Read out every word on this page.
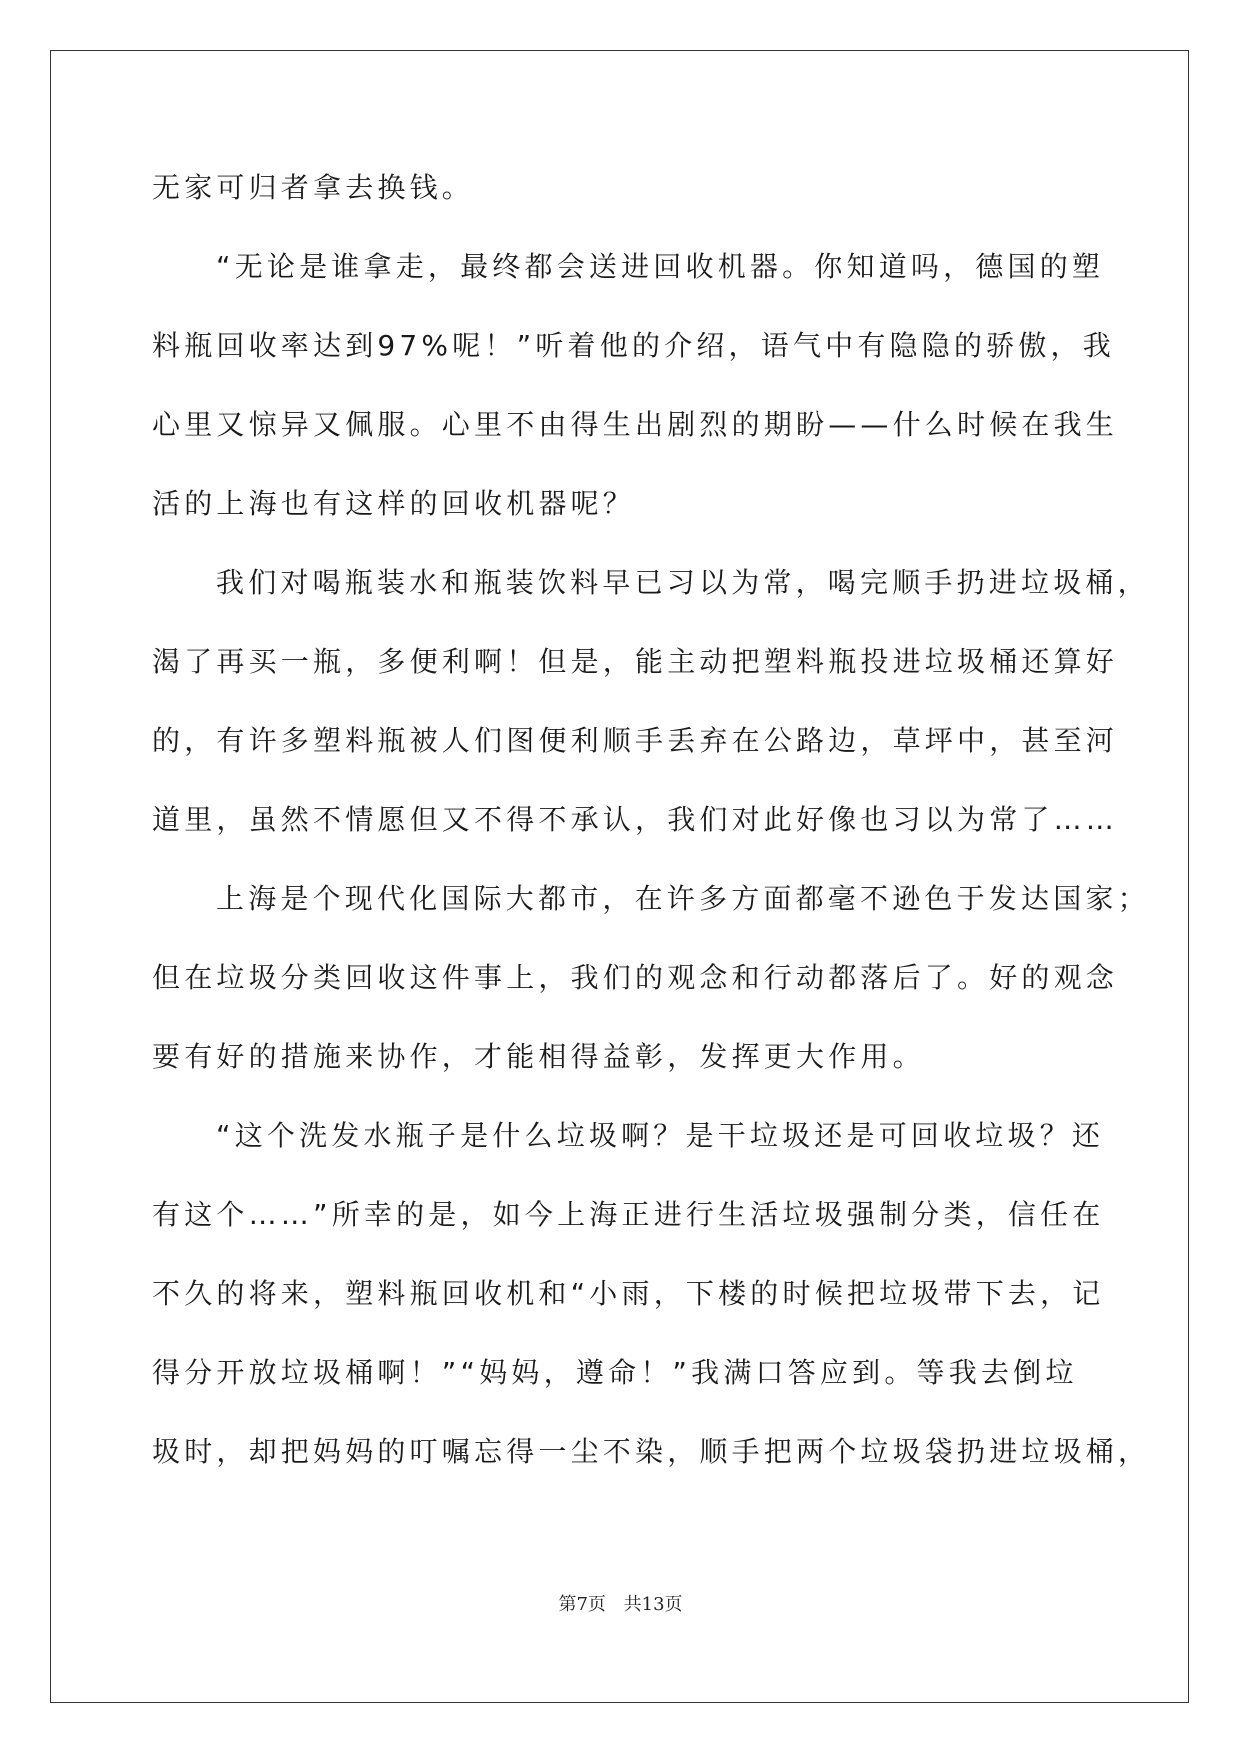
无家可归者拿去换钱。
“无论是谁拿走，最终都会送进回收机器。你知道吗，德国的塑
料瓶回收率达到97%呢！”听着他的介绍，语气中有隐隐的骄傲，我
心里又惊异又佩服。心里不由得生出剧烈的期盼——什么时候在我生
活的上海也有这样的回收机器呢？
我们对喝瓶装水和瓶装饮料早已习以为常，喝完顺手扔进垃圾桶，
渴了再买一瓶，多便利啊！但是，能主动把塑料瓶投进垃圾桶还算好
的，有许多塑料瓶被人们图便利顺手丢弃在公路边，草坪中，甚至河
道里，虽然不情愿但又不得不承认，我们对此好像也习以为常了……
上海是个现代化国际大都市，在许多方面都毫不逊色于发达国家；
但在垃圾分类回收这件事上，我们的观念和行动都落后了。好的观念
要有好的措施来协作，才能相得益彰，发挥更大作用。
“这个洗发水瓶子是什么垃圾啊？是干垃圾还是可回收垃圾？还
有这个……”所幸的是，如今上海正进行生活垃圾强制分类，信任在
不久的将来，塑料瓶回收机和“小雨，下楼的时候把垃圾带下去，记
得分开放垃圾桶啊！”“妈妈，遵命！”我满口答应到。等我去倒垃
圾时，却把妈妈的叮嘱忘得一尘不染，顺手把两个垃圾袋扔进垃圾桶，
第7页 共13页
